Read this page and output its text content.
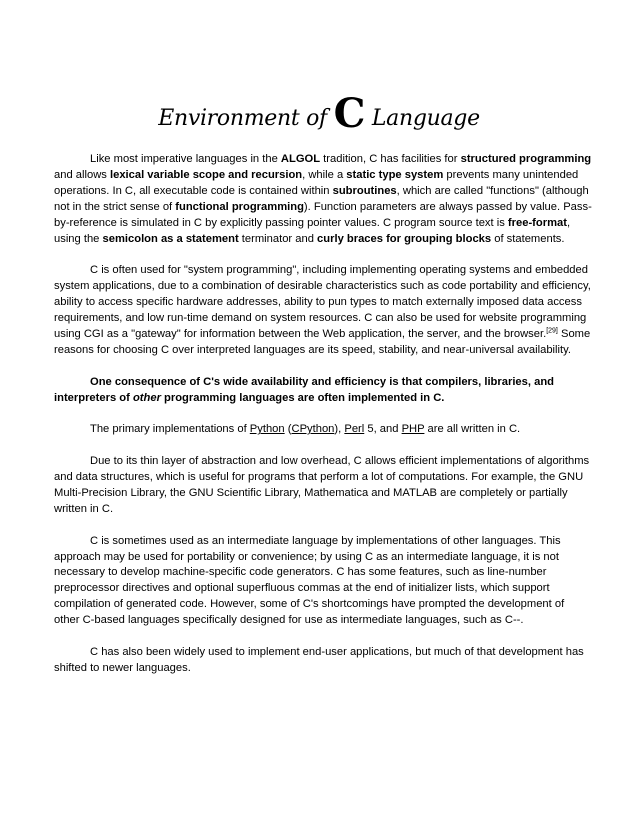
Environment of C Language

Like most imperative languages in the ALGOL tradition, C has facilities for structured programming and allows lexical variable scope and recursion, while a static type system prevents many unintended operations. In C, all executable code is contained within subroutines, which are called "functions" (although not in the strict sense of functional programming). Function parameters are always passed by value. Pass-by-reference is simulated in C by explicitly passing pointer values. C program source text is free-format, using the semicolon as a statement terminator and curly braces for grouping blocks of statements.

C is often used for "system programming", including implementing operating systems and embedded system applications, due to a combination of desirable characteristics such as code portability and efficiency, ability to access specific hardware addresses, ability to pun types to match externally imposed data access requirements, and low run-time demand on system resources. C can also be used for website programming using CGI as a "gateway" for information between the Web application, the server, and the browser.[29] Some reasons for choosing C over interpreted languages are its speed, stability, and near-universal availability.

One consequence of C's wide availability and efficiency is that compilers, libraries, and interpreters of other programming languages are often implemented in C.

The primary implementations of Python (CPython), Perl 5, and PHP are all written in C.

Due to its thin layer of abstraction and low overhead, C allows efficient implementations of algorithms and data structures, which is useful for programs that perform a lot of computations. For example, the GNU Multi-Precision Library, the GNU Scientific Library, Mathematica and MATLAB are completely or partially written in C.

C is sometimes used as an intermediate language by implementations of other languages. This approach may be used for portability or convenience; by using C as an intermediate language, it is not necessary to develop machine-specific code generators. C has some features, such as line-number preprocessor directives and optional superfluous commas at the end of initializer lists, which support compilation of generated code. However, some of C's shortcomings have prompted the development of other C-based languages specifically designed for use as intermediate languages, such as C--.

C has also been widely used to implement end-user applications, but much of that development has shifted to newer languages.
